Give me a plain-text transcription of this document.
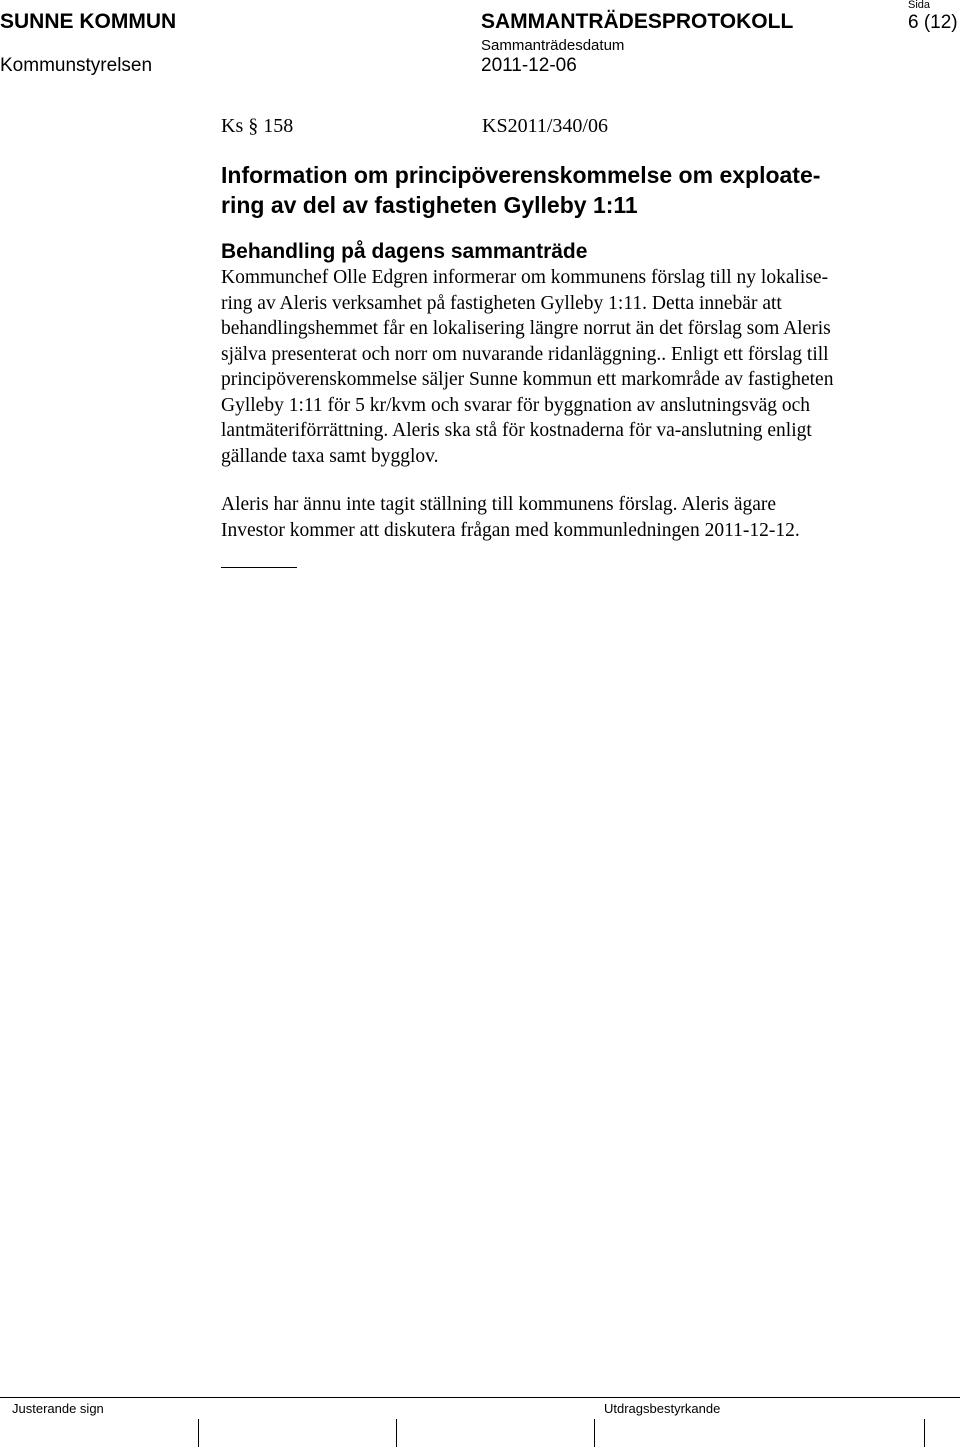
SUNNE KOMMUN
Kommunstyrelsen
SAMMANTRÄDESPROTOKOLL
Sammanträdesdatum
2011-12-06
Sida
6 (12)
Ks § 158	KS2011/340/06
Information om principöverenskommelse om exploate-
ring av del av fastigheten Gylleby 1:11
Behandling på dagens sammanträde
Kommunchef Olle Edgren informerar om kommunens förslag till ny lokalise-
ring av Aleris verksamhet på fastigheten Gylleby 1:11. Detta innebär att
behandlingshemmet får en lokalisering längre norrut än det förslag som Aleris
själva presenterat och norr om nuvarande ridanläggning.. Enligt ett förslag till
principöverenskommelse säljer Sunne kommun ett markområde av fastigheten
Gylleby 1:11 för 5 kr/kvm och svarar för byggnation av anslutningsväg och
lantmäteriförrättning. Aleris ska stå för kostnaderna för va-anslutning enligt
gällande taxa samt bygglov.
Aleris har ännu inte tagit ställning till kommunens förslag. Aleris ägare
Investor kommer att diskutera frågan med kommunledningen 2011-12-12.
Justerande sign	Utdragsbestyrkande
